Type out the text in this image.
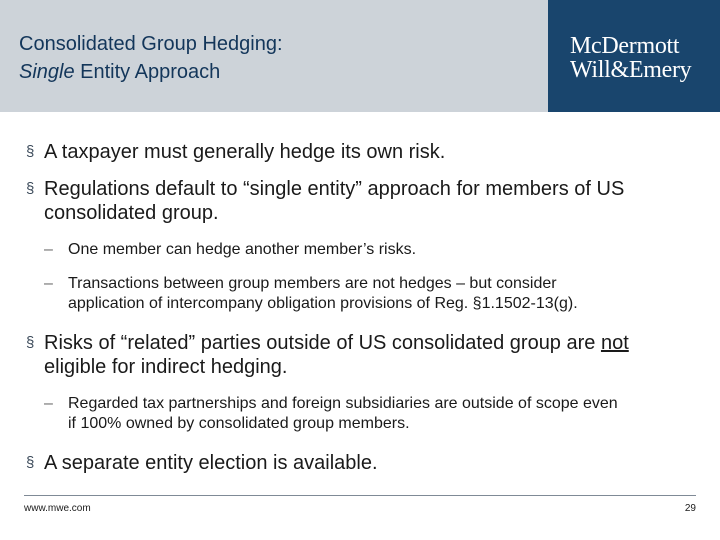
Consolidated Group Hedging:
Single Entity Approach
McDermott
Will&Emery
§ A taxpayer must generally hedge its own risk.
§ Regulations default to “single entity” approach for members of US
consolidated group.
– One member can hedge another member’s risks.
– Transactions between group members are not hedges – but consider
application of intercompany obligation provisions of Reg. §1.1502-13(g).
§ Risks of “related” parties outside of US consolidated group are not
eligible for indirect hedging.
– Regarded tax partnerships and foreign subsidiaries are outside of scope even
if 100% owned by consolidated group members.
§ A separate entity election is available.
www.mwe.com	29
